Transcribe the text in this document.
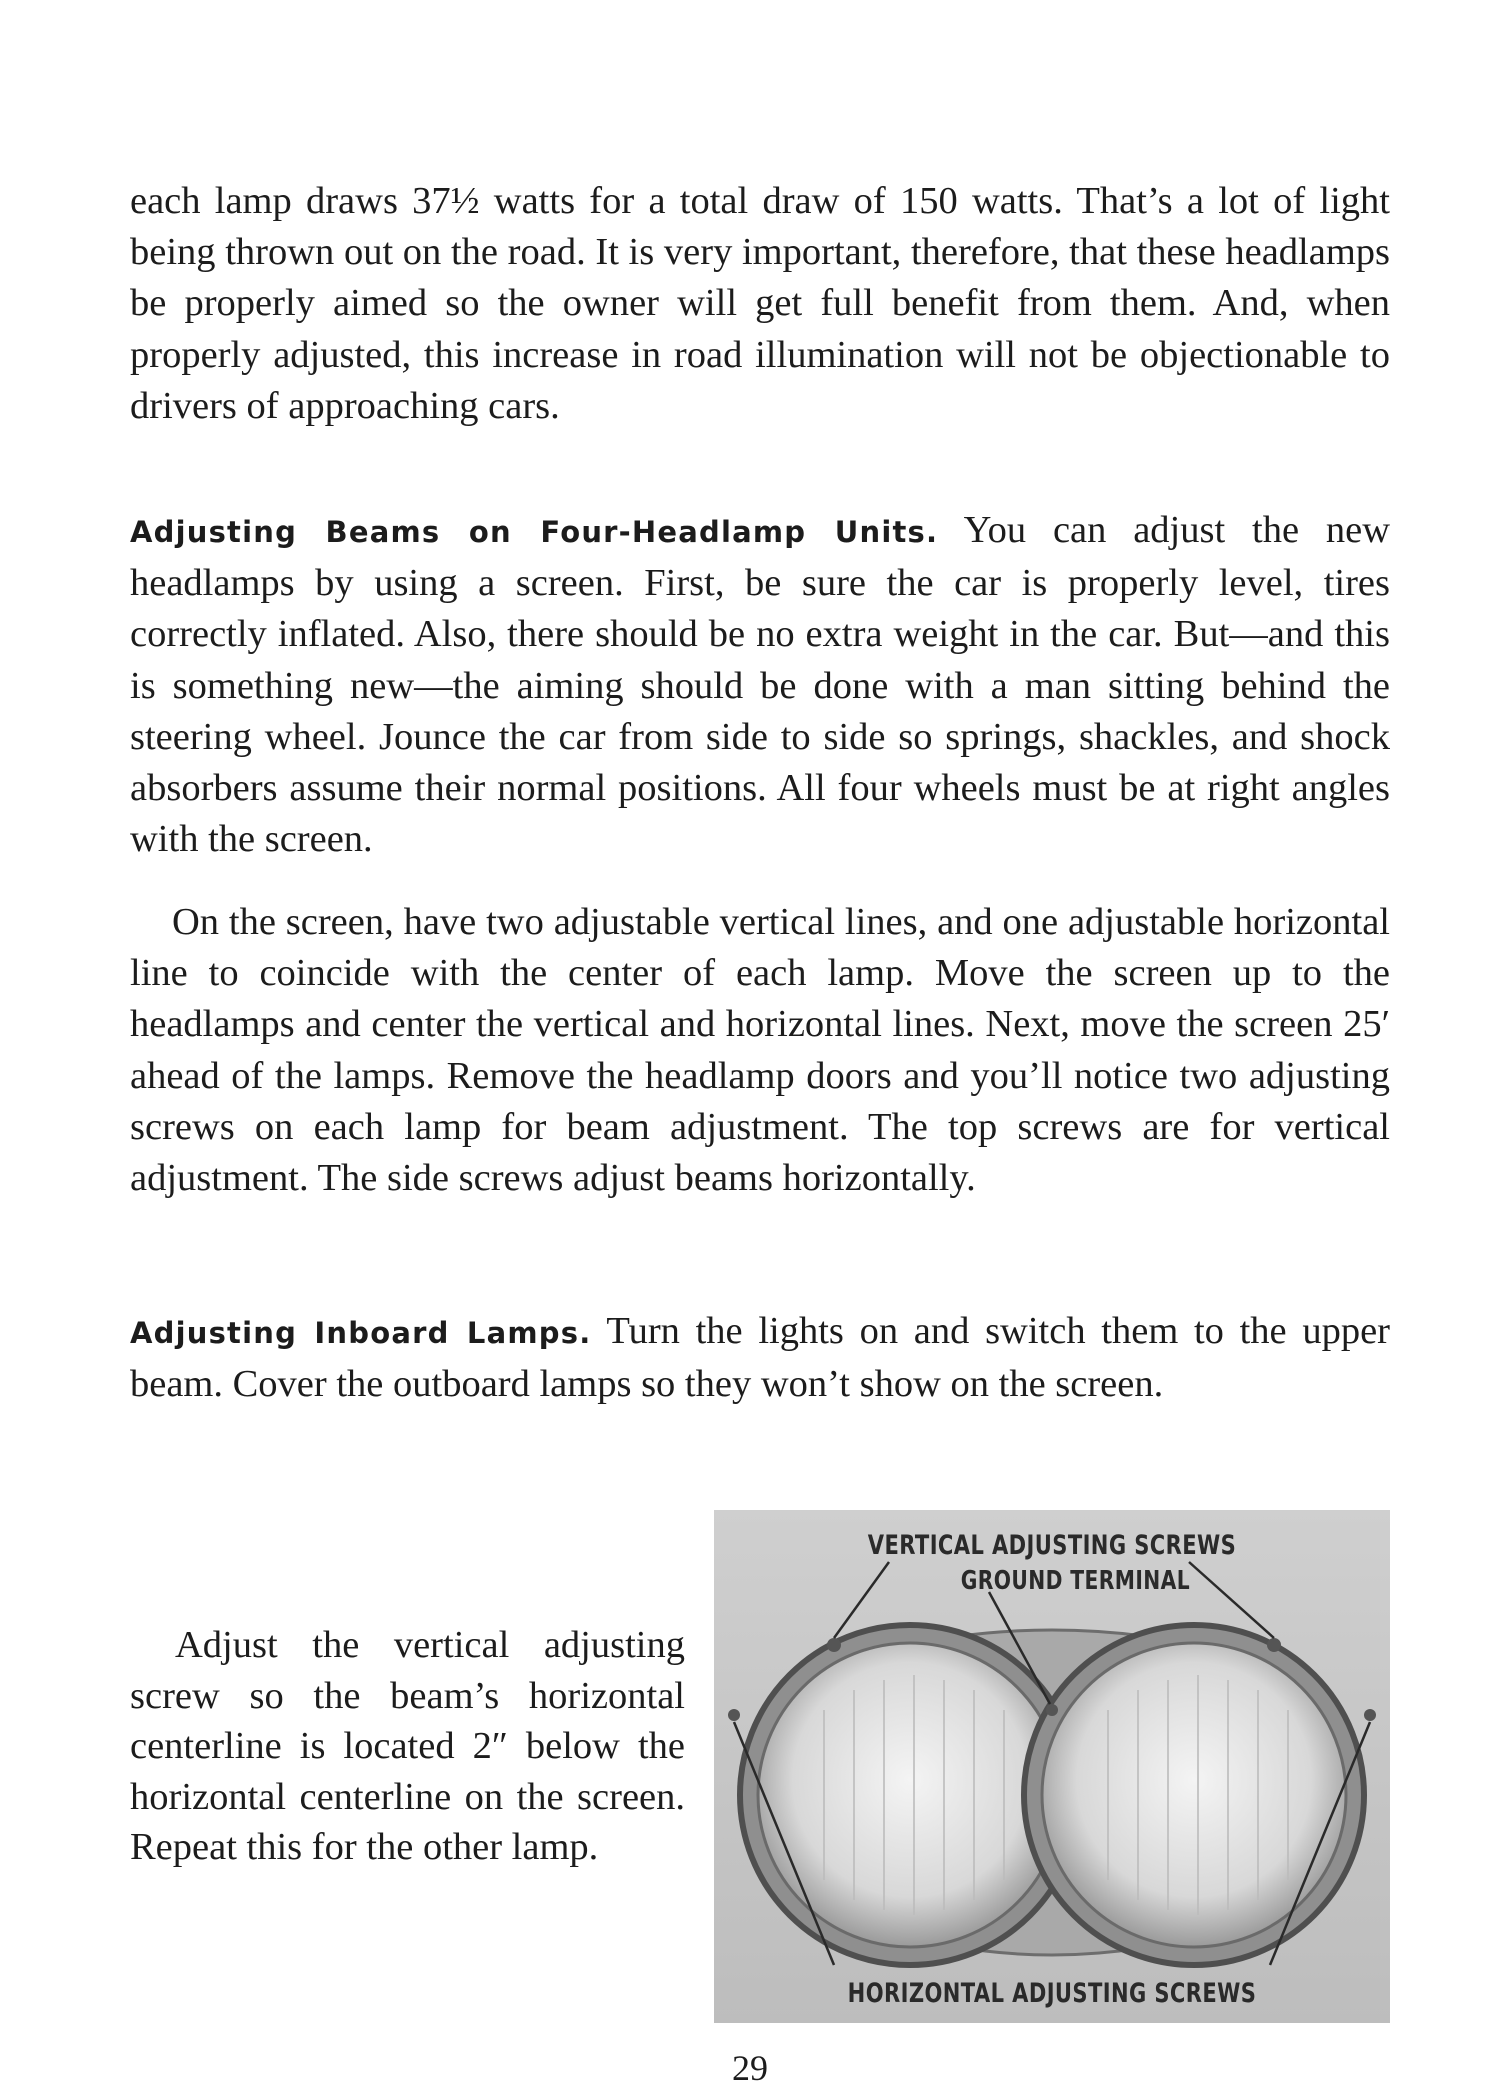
each lamp draws 37½ watts for a total draw of 150 watts. That’s a lot of light being thrown out on the road. It is very important, therefore, that these headlamps be properly aimed so the owner will get full benefit from them. And, when properly adjusted, this increase in road illumination will not be objectionable to drivers of approaching cars.

Adjusting Beams on Four-Headlamp Units. You can adjust the new headlamps by using a screen. First, be sure the car is properly level, tires correctly inflated. Also, there should be no extra weight in the car. But—and this is something new—the aiming should be done with a man sitting behind the steering wheel. Jounce the car from side to side so springs, shackles, and shock absorbers assume their normal positions. All four wheels must be at right angles with the screen.

On the screen, have two adjustable vertical lines, and one adjustable horizontal line to coincide with the center of each lamp. Move the screen up to the headlamps and center the vertical and horizontal lines. Next, move the screen 25′ ahead of the lamps. Remove the headlamp doors and you’ll notice two adjusting screws on each lamp for beam adjustment. The top screws are for vertical adjustment. The side screws adjust beams horizontally.

Adjusting Inboard Lamps. Turn the lights on and switch them to the upper beam. Cover the outboard lamps so they won’t show on the screen.

Adjust the vertical adjusting screw so the beam’s horizontal centerline is located 2″ below the horizontal centerline on the screen. Repeat this for the other lamp.

VERTICAL ADJUSTING SCREWS
GROUND TERMINAL
HORIZONTAL ADJUSTING SCREWS
29
